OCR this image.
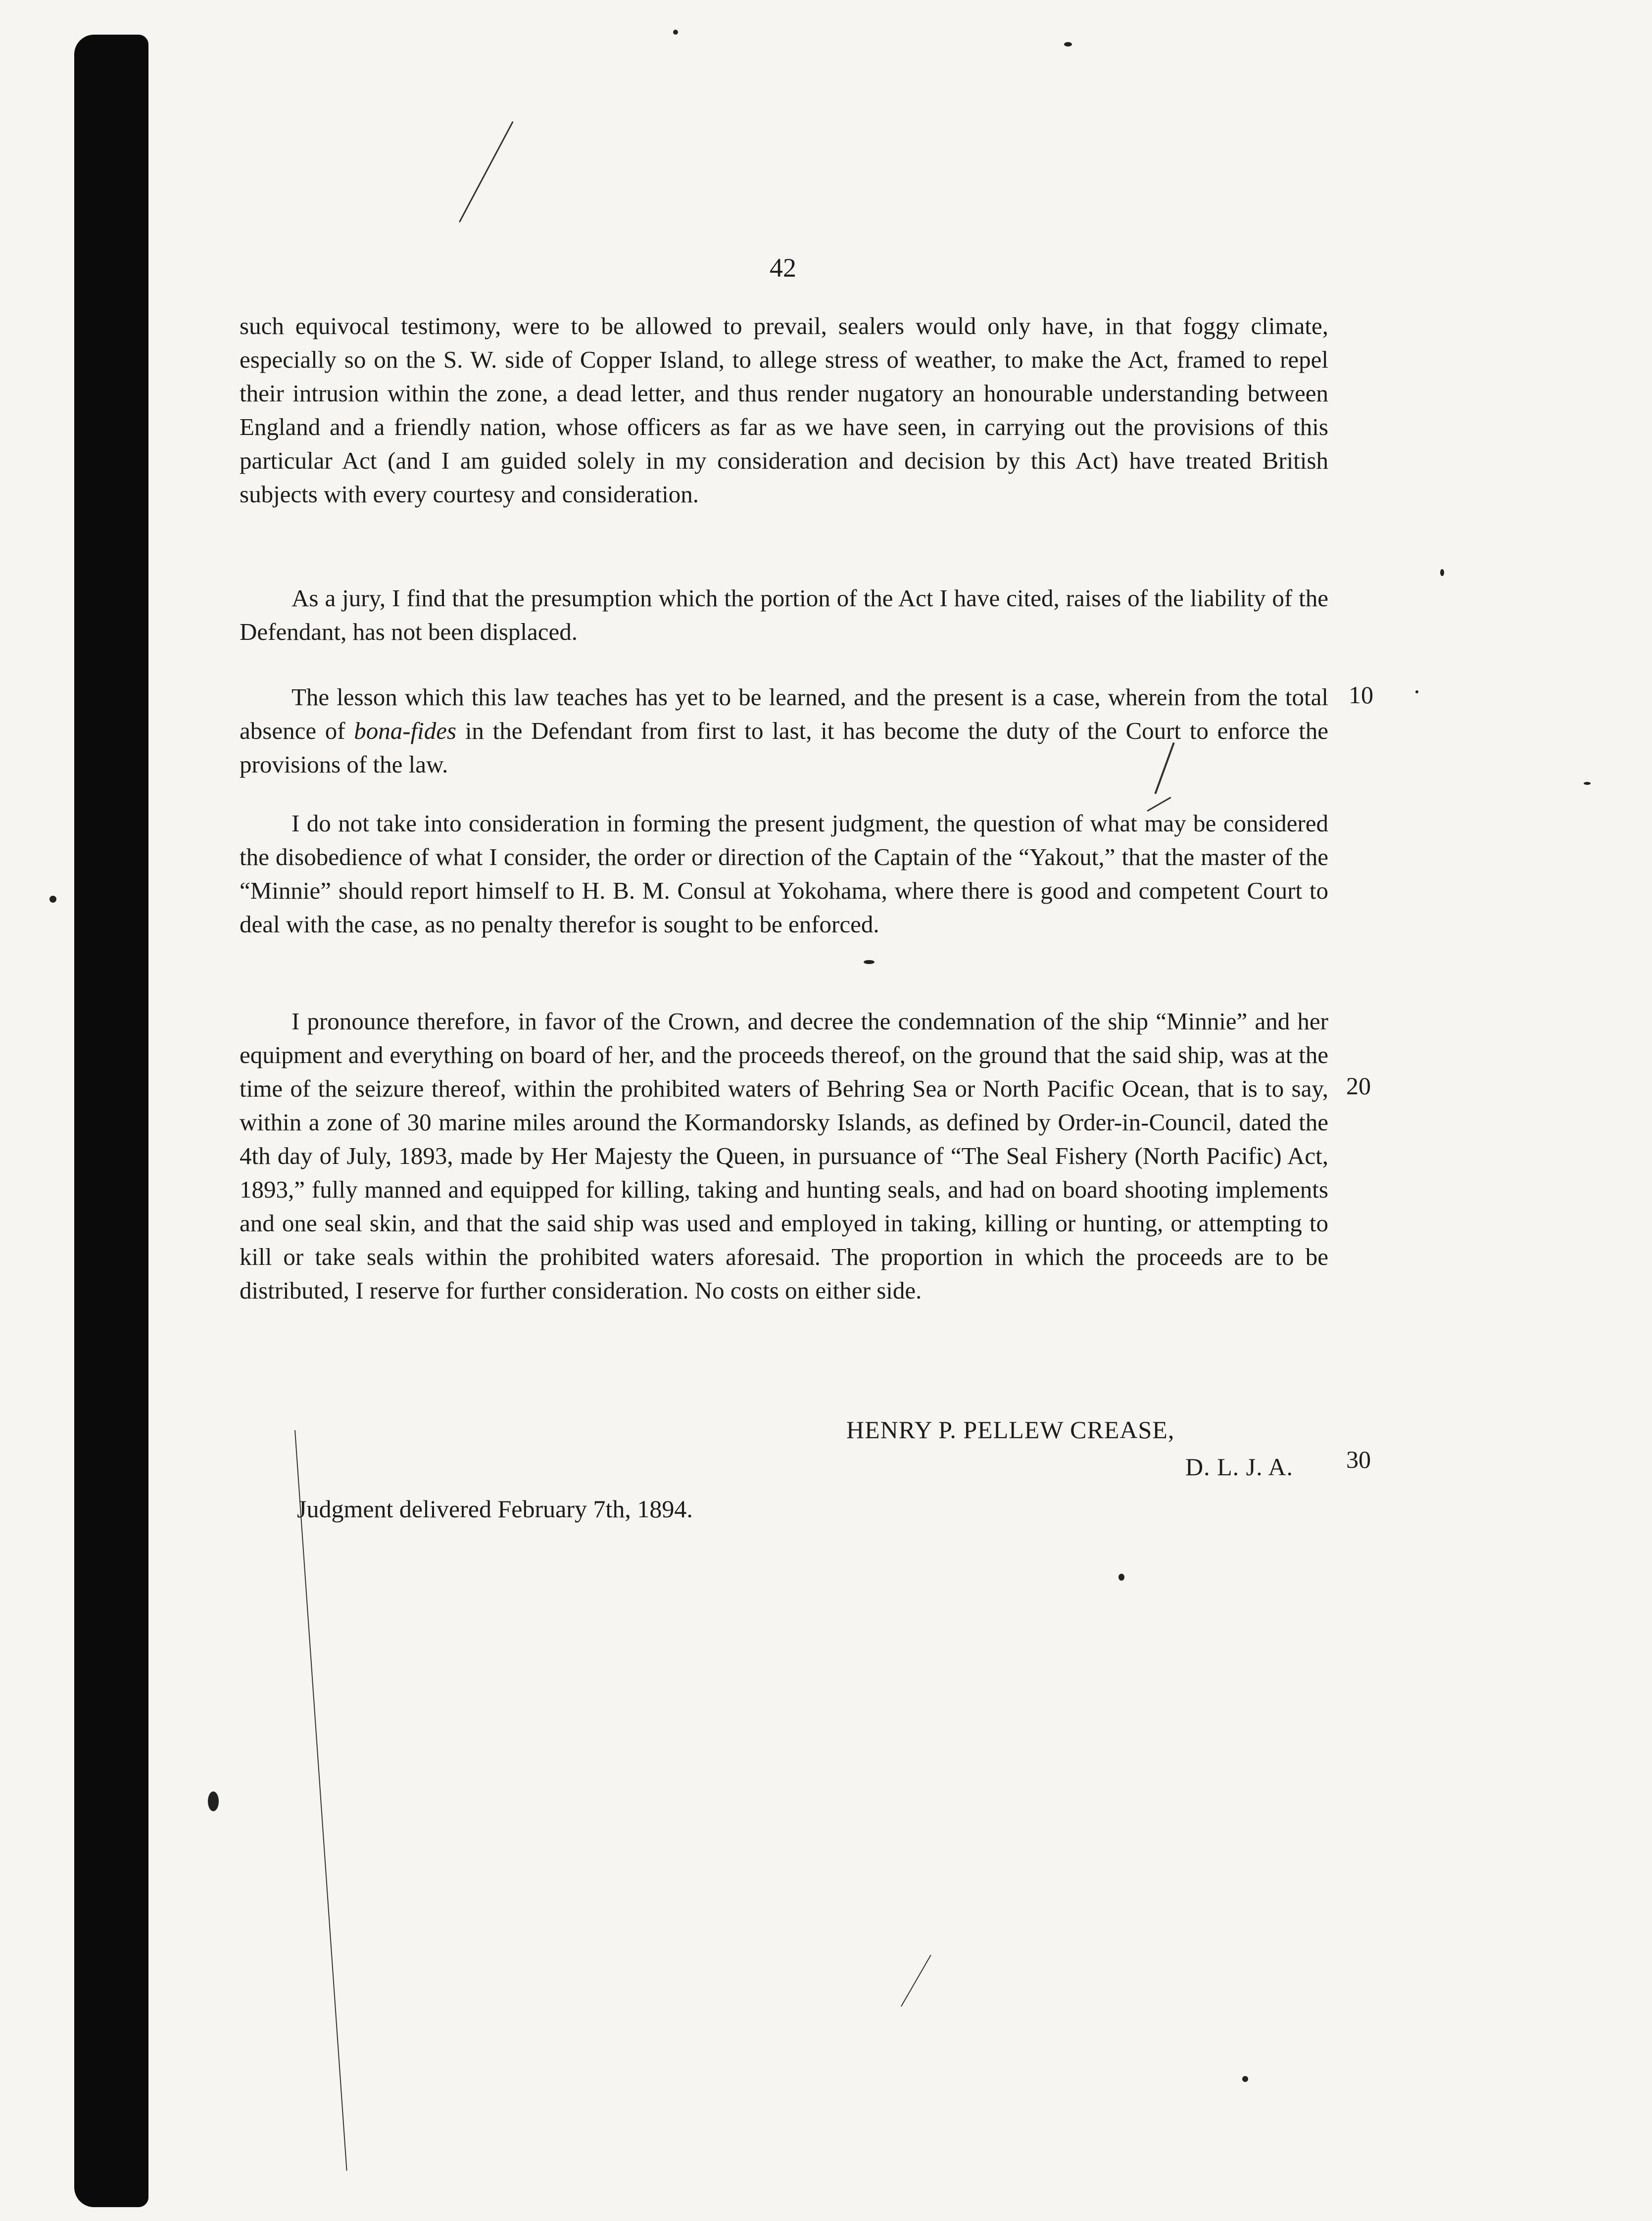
42

such equivocal testimony, were to be allowed to prevail, sealers would only have, in that foggy climate, especially so on the S. W. side of Copper Island, to allege stress of weather, to make the Act, framed to repel their intrusion within the zone, a dead letter, and thus render nugatory an honourable understanding between England and a friendly nation, whose officers as far as we have seen, in carrying out the provisions of this particular Act (and I am guided solely in my consideration and decision by this Act) have treated British subjects with every courtesy and consideration.

As a jury, I find that the presumption which the portion of the Act I have cited, raises of the liability of the Defendant, has not been displaced.

The lesson which this law teaches has yet to be learned, and the present is a case, wherein from the total absence of bona-fides in the Defendant from first to last, it has become the duty of the Court to enforce the provisions of the law.

I do not take into consideration in forming the present judgment, the question of what may be considered the disobedience of what I consider, the order or direction of the Captain of the “Yakout,” that the master of the “Minnie” should report himself to H. B. M. Consul at Yokohama, where there is good and competent Court to deal with the case, as no penalty therefor is sought to be enforced.

I pronounce therefore, in favor of the Crown, and decree the condemnation of the ship “Minnie” and her equipment and everything on board of her, and the proceeds thereof, on the ground that the said ship, was at the time of the seizure thereof, within the prohibited waters of Behring Sea or North Pacific Ocean, that is to say, within a zone of 30 marine miles around the Kormandorsky Islands, as defined by Order-in-Council, dated the 4th day of July, 1893, made by Her Majesty the Queen, in pursuance of “The Seal Fishery (North Pacific) Act, 1893,” fully manned and equipped for killing, taking and hunting seals, and had on board shooting implements and one seal skin, and that the said ship was used and employed in taking, killing or hunting, or attempting to kill or take seals within the prohibited waters aforesaid. The proportion in which the proceeds are to be distributed, I reserve for further consideration. No costs on either side.

10
20
30
HENRY P. PELLEW CREASE,
D. L. J. A.
Judgment delivered February 7th, 1894.
